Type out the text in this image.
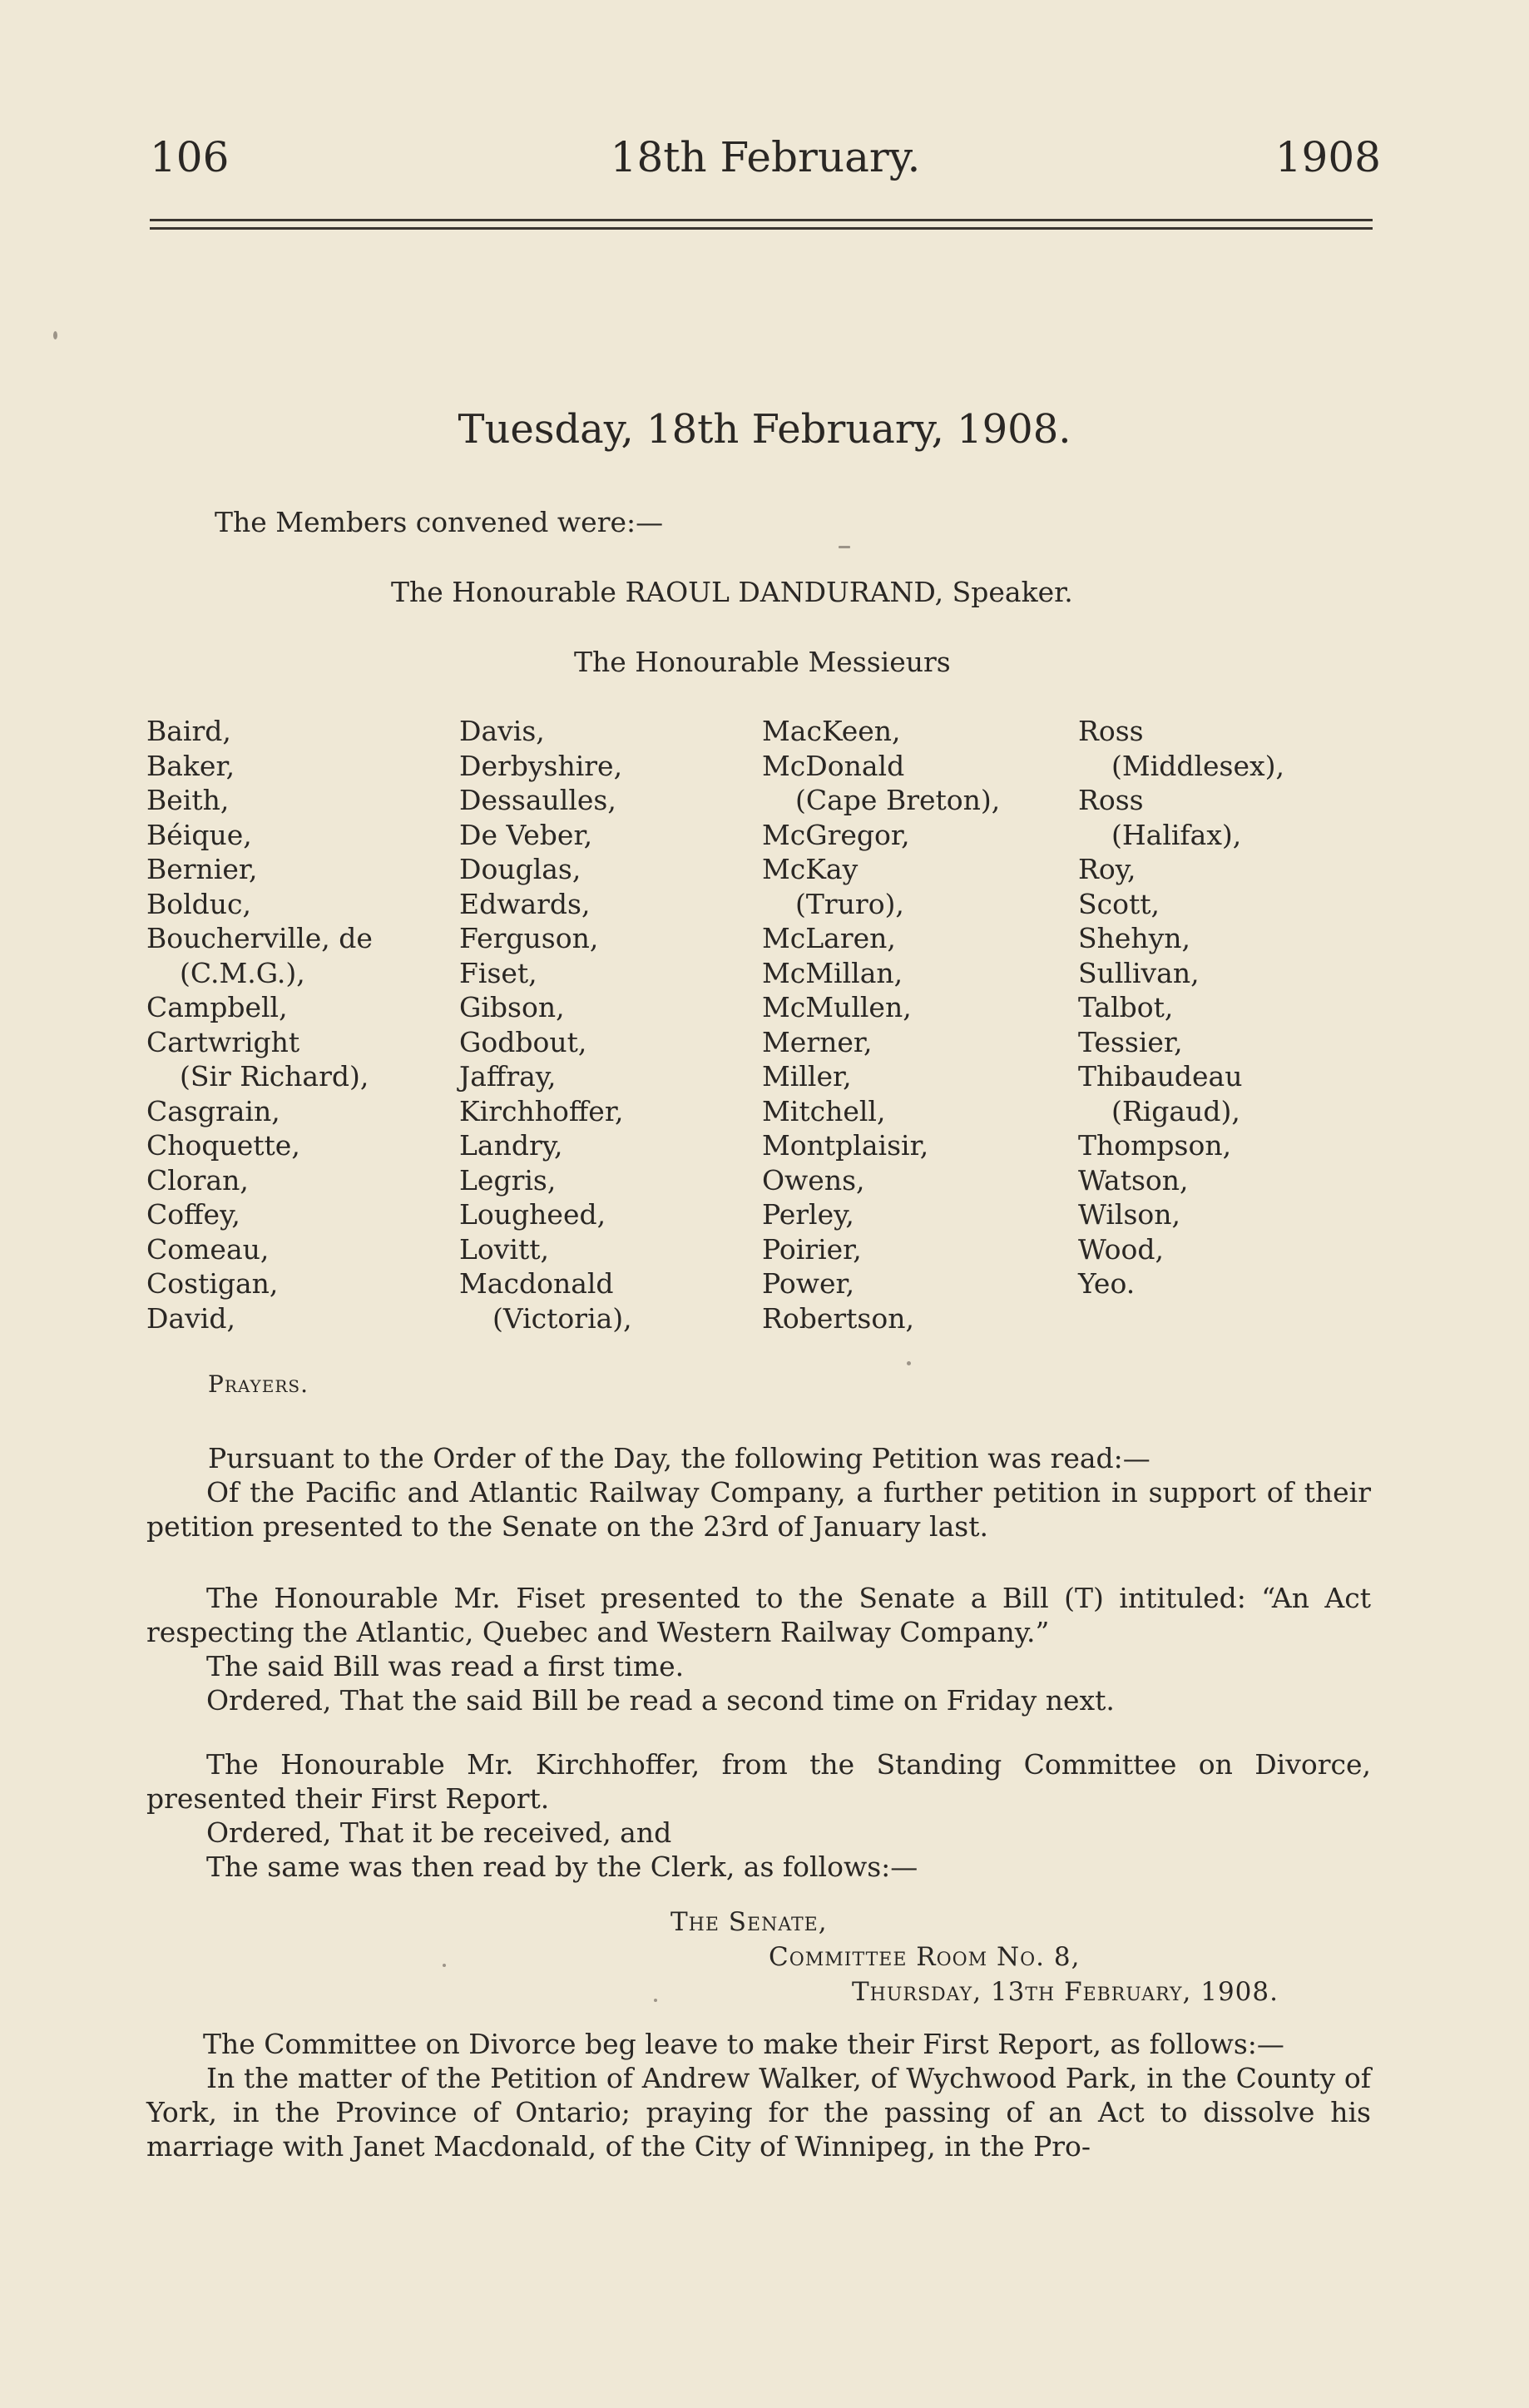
106	18th February.	1908
Tuesday, 18th February, 1908.
The Members convened were:—
The Honourable RAOUL DANDURAND, Speaker.
The Honourable Messieurs
Baird,
Baker,
Beith,
Béique,
Bernier,
Bolduc,
Boucherville, de
(C.M.G.),
Campbell,
Cartwright
(Sir Richard),
Casgrain,
Choquette,
Cloran,
Coffey,
Comeau,
Costigan,
David,
Davis,
Derbyshire,
Dessaulles,
De Veber,
Douglas,
Edwards,
Ferguson,
Fiset,
Gibson,
Godbout,
Jaffray,
Kirchhoffer,
Landry,
Legris,
Lougheed,
Lovitt,
Macdonald
(Victoria),
MacKeen,
McDonald
(Cape Breton),
McGregor,
McKay
(Truro),
McLaren,
McMillan,
McMullen,
Merner,
Miller,
Mitchell,
Montplaisir,
Owens,
Perley,
Poirier,
Power,
Robertson,
Ross
(Middlesex),
Ross
(Halifax),
Roy,
Scott,
Shehyn,
Sullivan,
Talbot,
Tessier,
Thibaudeau
(Rigaud),
Thompson,
Watson,
Wilson,
Wood,
Yeo.
Prayers.

Pursuant to the Order of the Day, the following Petition was read:—

Of the Pacific and Atlantic Railway Company, a further petition in support of their petition presented to the Senate on the 23rd of January last.

The Honourable Mr. Fiset presented to the Senate a Bill (T) intituled: “An Act respecting the Atlantic, Quebec and Western Railway Company.”

The said Bill was read a first time.

Ordered, That the said Bill be read a second time on Friday next.

The Honourable Mr. Kirchhoffer, from the Standing Committee on Divorce, presented their First Report.

Ordered, That it be received, and

The same was then read by the Clerk, as follows:—

The Senate,
Committee Room No. 8,
Thursday, 13th February, 1908.

The Committee on Divorce beg leave to make their First Report, as follows:—

In the matter of the Petition of Andrew Walker, of Wychwood Park, in the County of York, in the Province of Ontario; praying for the passing of an Act to dissolve his marriage with Janet Macdonald, of the City of Winnipeg, in the Pro-
